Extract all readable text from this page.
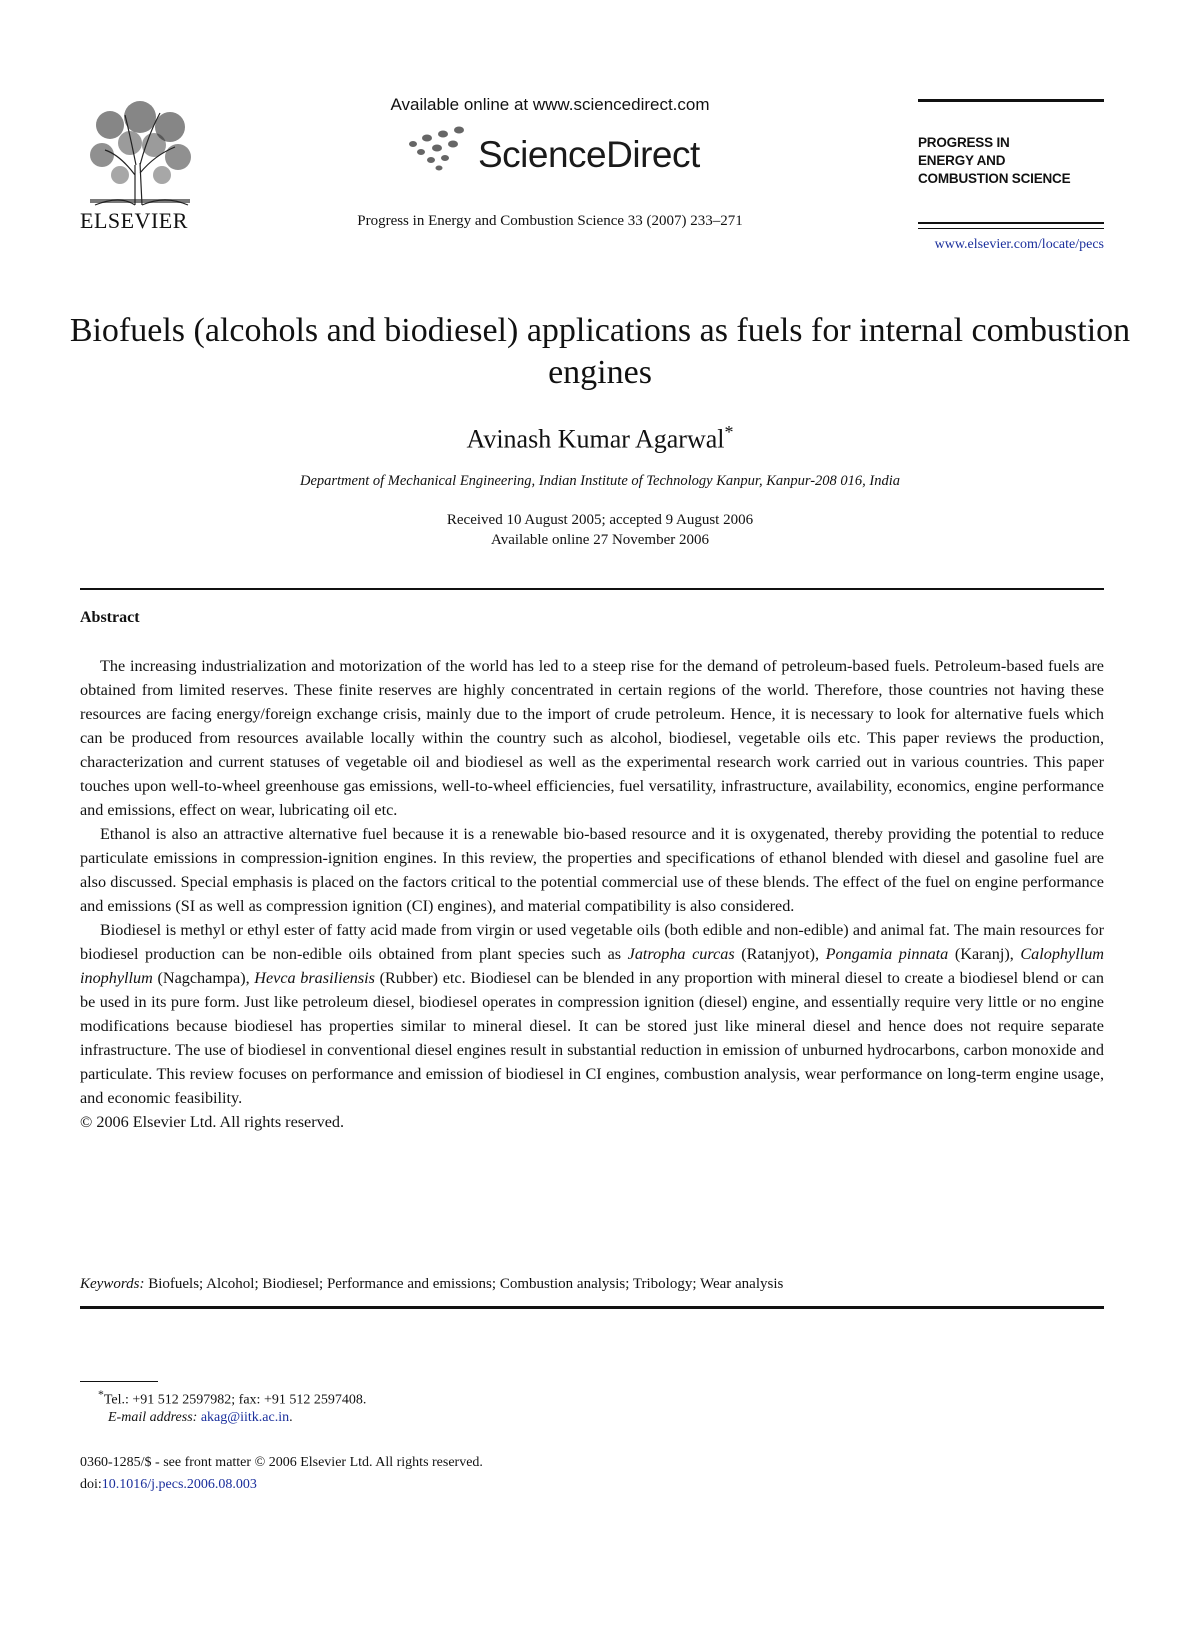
ELSEVIER
Available online at www.sciencedirect.com
ScienceDirect
Progress in Energy and Combustion Science 33 (2007) 233–271
PROGRESS IN
ENERGY AND
COMBUSTION SCIENCE
www.elsevier.com/locate/pecs
Biofuels (alcohols and biodiesel) applications as fuels for internal combustion engines
Avinash Kumar Agarwal*
Department of Mechanical Engineering, Indian Institute of Technology Kanpur, Kanpur-208 016, India
Received 10 August 2005; accepted 9 August 2006
Available online 27 November 2006
Abstract

The increasing industrialization and motorization of the world has led to a steep rise for the demand of petroleum-based fuels. Petroleum-based fuels are obtained from limited reserves. These finite reserves are highly concentrated in certain regions of the world. Therefore, those countries not having these resources are facing energy/foreign exchange crisis, mainly due to the import of crude petroleum. Hence, it is necessary to look for alternative fuels which can be produced from resources available locally within the country such as alcohol, biodiesel, vegetable oils etc. This paper reviews the production, characterization and current statuses of vegetable oil and biodiesel as well as the experimental research work carried out in various countries. This paper touches upon well-to-wheel greenhouse gas emissions, well-to-wheel efficiencies, fuel versatility, infrastructure, availability, economics, engine performance and emissions, effect on wear, lubricating oil etc.

Ethanol is also an attractive alternative fuel because it is a renewable bio-based resource and it is oxygenated, thereby providing the potential to reduce particulate emissions in compression-ignition engines. In this review, the properties and specifications of ethanol blended with diesel and gasoline fuel are also discussed. Special emphasis is placed on the factors critical to the potential commercial use of these blends. The effect of the fuel on engine performance and emissions (SI as well as compression ignition (CI) engines), and material compatibility is also considered.

Biodiesel is methyl or ethyl ester of fatty acid made from virgin or used vegetable oils (both edible and non-edible) and animal fat. The main resources for biodiesel production can be non-edible oils obtained from plant species such as Jatropha curcas (Ratanjyot), Pongamia pinnata (Karanj), Calophyllum inophyllum (Nagchampa), Hevca brasiliensis (Rubber) etc. Biodiesel can be blended in any proportion with mineral diesel to create a biodiesel blend or can be used in its pure form. Just like petroleum diesel, biodiesel operates in compression ignition (diesel) engine, and essentially require very little or no engine modifications because biodiesel has properties similar to mineral diesel. It can be stored just like mineral diesel and hence does not require separate infrastructure. The use of biodiesel in conventional diesel engines result in substantial reduction in emission of unburned hydrocarbons, carbon monoxide and particulate. This review focuses on performance and emission of biodiesel in CI engines, combustion analysis, wear performance on long-term engine usage, and economic feasibility.

© 2006 Elsevier Ltd. All rights reserved.

Keywords: Biofuels; Alcohol; Biodiesel; Performance and emissions; Combustion analysis; Tribology; Wear analysis
*Tel.: +91 512 2597982; fax: +91 512 2597408.
E-mail address: akag@iitk.ac.in.
0360-1285/$ - see front matter © 2006 Elsevier Ltd. All rights reserved.
doi:10.1016/j.pecs.2006.08.003
